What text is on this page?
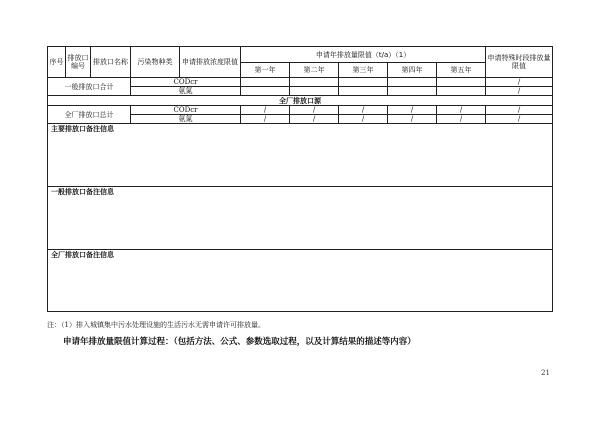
序号	排放口编号	排放口名称	污染物种类	申请排放浓度限值	申请年排放量限值（t/a）（1）					申请特殊时段排放量限值
					第一年	第二年	第三年	第四年	第五年	
一般排放口合计			CODcr							/
			氨氮							/
全厂排放口源										
全厂排放口总计			CODcr		/	/	/	/	/	/
			氨氮		/	/	/	/	/	/
主要排放口备注信息										
一般排放口备注信息										
全厂排放口备注信息										
注：（1）排入城镇集中污水处理设施的生活污水无需申请许可排放量。
申请年排放量限值计算过程：（包括方法、公式、参数选取过程，以及计算结果的描述等内容）
21
